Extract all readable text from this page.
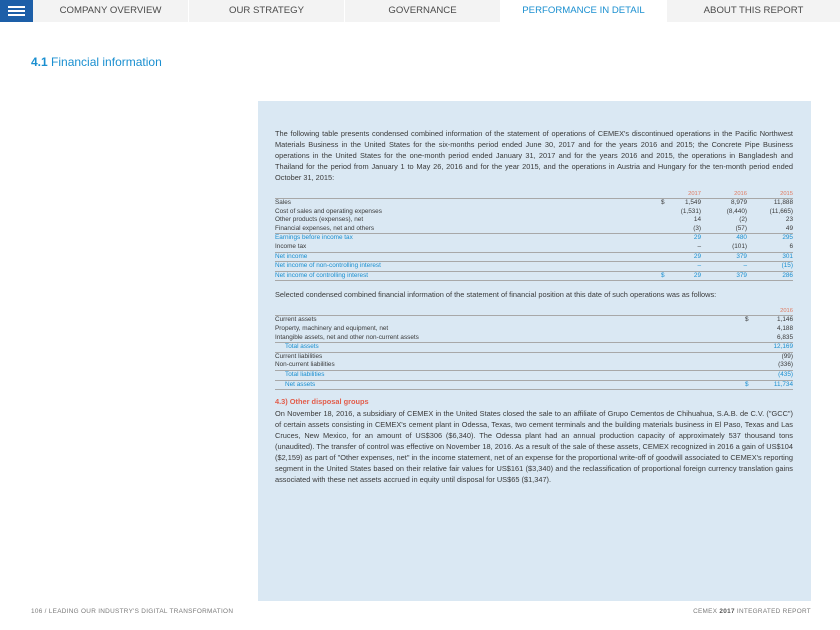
COMPANY OVERVIEW	OUR STRATEGY	GOVERNANCE	PERFORMANCE IN DETAIL	ABOUT THIS REPORT
4.1 Financial information

The following table presents condensed combined information of the statement of operations of CEMEX's discontinued operations in the Pacific Northwest Materials Business in the United States for the six-months period ended June 30, 2017 and for the years 2016 and 2015; the Concrete Pipe Business operations in the United States for the one-month period ended January 31, 2017 and for the years 2016 and 2015, the operations in Bangladesh and Thailand for the period from January 1 to May 26, 2016 and for the year 2015, and the operations in Austria and Hungary for the ten-month period ended October 31, 2015:

		2017		2016		2015
Sales	$	1,549		8,979		11,888
Cost of sales and operating expenses		(1,531)		(8,440)		(11,665)
Other products (expenses), net		14		(2)		23
Financial expenses, net and others		(3)		(57)		49
Earnings before income tax		29		480		295
Income tax		–		(101)		6
Net income		29		379		301
Net income of non-controlling interest		–		–		(15)
Net income of controlling interest	$	29		379		286

Selected condensed combined financial information of the statement of financial position at this date of such operations was as follows:

		2016
Current assets	$	1,146
Property, machinery and equipment, net		4,188
Intangible assets, net and other non-current assets		6,835
Total assets		12,169
Current liabilities		(99)
Non-current liabilities		(336)
Total liabilities		(435)
Net assets	$	11,734
4.3) Other disposal groups

On November 18, 2016, a subsidiary of CEMEX in the United States closed the sale to an affiliate of Grupo Cementos de Chihuahua, S.A.B. de C.V. ("GCC") of certain assets consisting in CEMEX's cement plant in Odessa, Texas, two cement terminals and the building materials business in El Paso, Texas and Las Cruces, New Mexico, for an amount of US$306 ($6,340). The Odessa plant had an annual production capacity of approximately 537 thousand tons (unaudited). The transfer of control was effective on November 18, 2016. As a result of the sale of these assets, CEMEX recognized in 2016 a gain of US$104 ($2,159) as part of "Other expenses, net" in the income statement, net of an expense for the proportional write-off of goodwill associated to CEMEX's reporting segment in the United States based on their relative fair values for US$161 ($3,340) and the reclassification of proportional foreign currency translation gains associated with these net assets accrued in equity until disposal for US$65 ($1,347).

106 / LEADING OUR INDUSTRY'S DIGITAL TRANSFORMATION	CEMEX 2017 INTEGRATED REPORT
